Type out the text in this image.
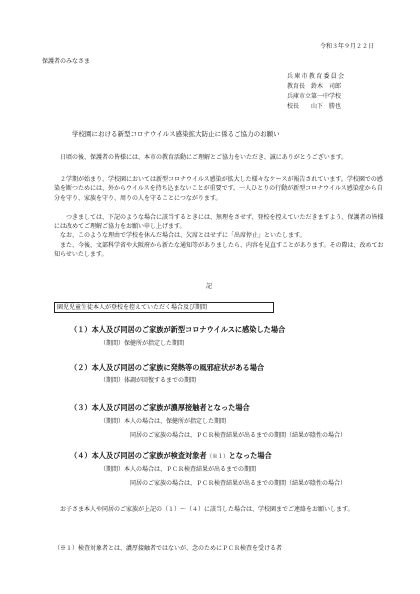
令和３年９月２２日
保護者のみなさま
兵庫市教育委員会
教育長　鈴木　司郎
兵庫市立第一中学校
校長　　山下　勝也
学校園における新型コロナウイルス感染拡大防止に係るご協力のお願い
日頃の後、保護者の皆様には、本市の教育活動にご理解とご協力をいただき、誠にありがとうございます。
２学期が始まり、学校園においては新型コロナウイルス感染が拡大した様々なケースが報告されています。学校園での感染を断つためには、外からウイルスを持ち込まないことが重要です。一人ひとりの行動が新型コロナウイルス感染症から自分を守り、家族を守り、周りの人を守ることにつながります。
つきましては、下記のような場合に該当するときには、無理をさせず、登校を控えていただきますよう、保護者の皆様には改めてご理解ご協力をお願い申し上げます。
なお、このような理由で学校を休んだ場合は、欠席とはせずに「出席停止」といたします。
また、今後、文部科学省や大阪府から新たな通知等がありましたら、内容を見直すことがあります。その際は、改めてお知らせいたします。
記
園児児童生徒本人が登校を控えていただく場合及び期間
（１）本人及び同居のご家族が新型コロナウイルスに感染した場合
（期間）保健所が指定した期間
（２）本人及び同居のご家族に発熱等の風邪症状がある場合
（期間）体調が回復するまでの期間
（３）本人及び同居のご家族が濃厚接触者となった場合
（期間）本人の場合は、保健所が指定した期間
同居のご家族の場合は、ＰＣＲ検査結果が出るまでの期間（結果が陰性の場合）
（４）本人及び同居のご家族が検査対象者（※１）となった場合
（期間）本人の場合は、ＰＣＲ検査結果が出るまでの期間
同居のご家族の場合は、ＰＣＲ検査結果が出るまでの期間（結果が陰性の場合）
お子さま本人や同居のご家族が上記の（１）～（４）に該当した場合は、学校園までご連絡をお願いします。
（※１）検査対象者とは、濃厚接触者ではないが、念のためにＰＣＲ検査を受ける者
